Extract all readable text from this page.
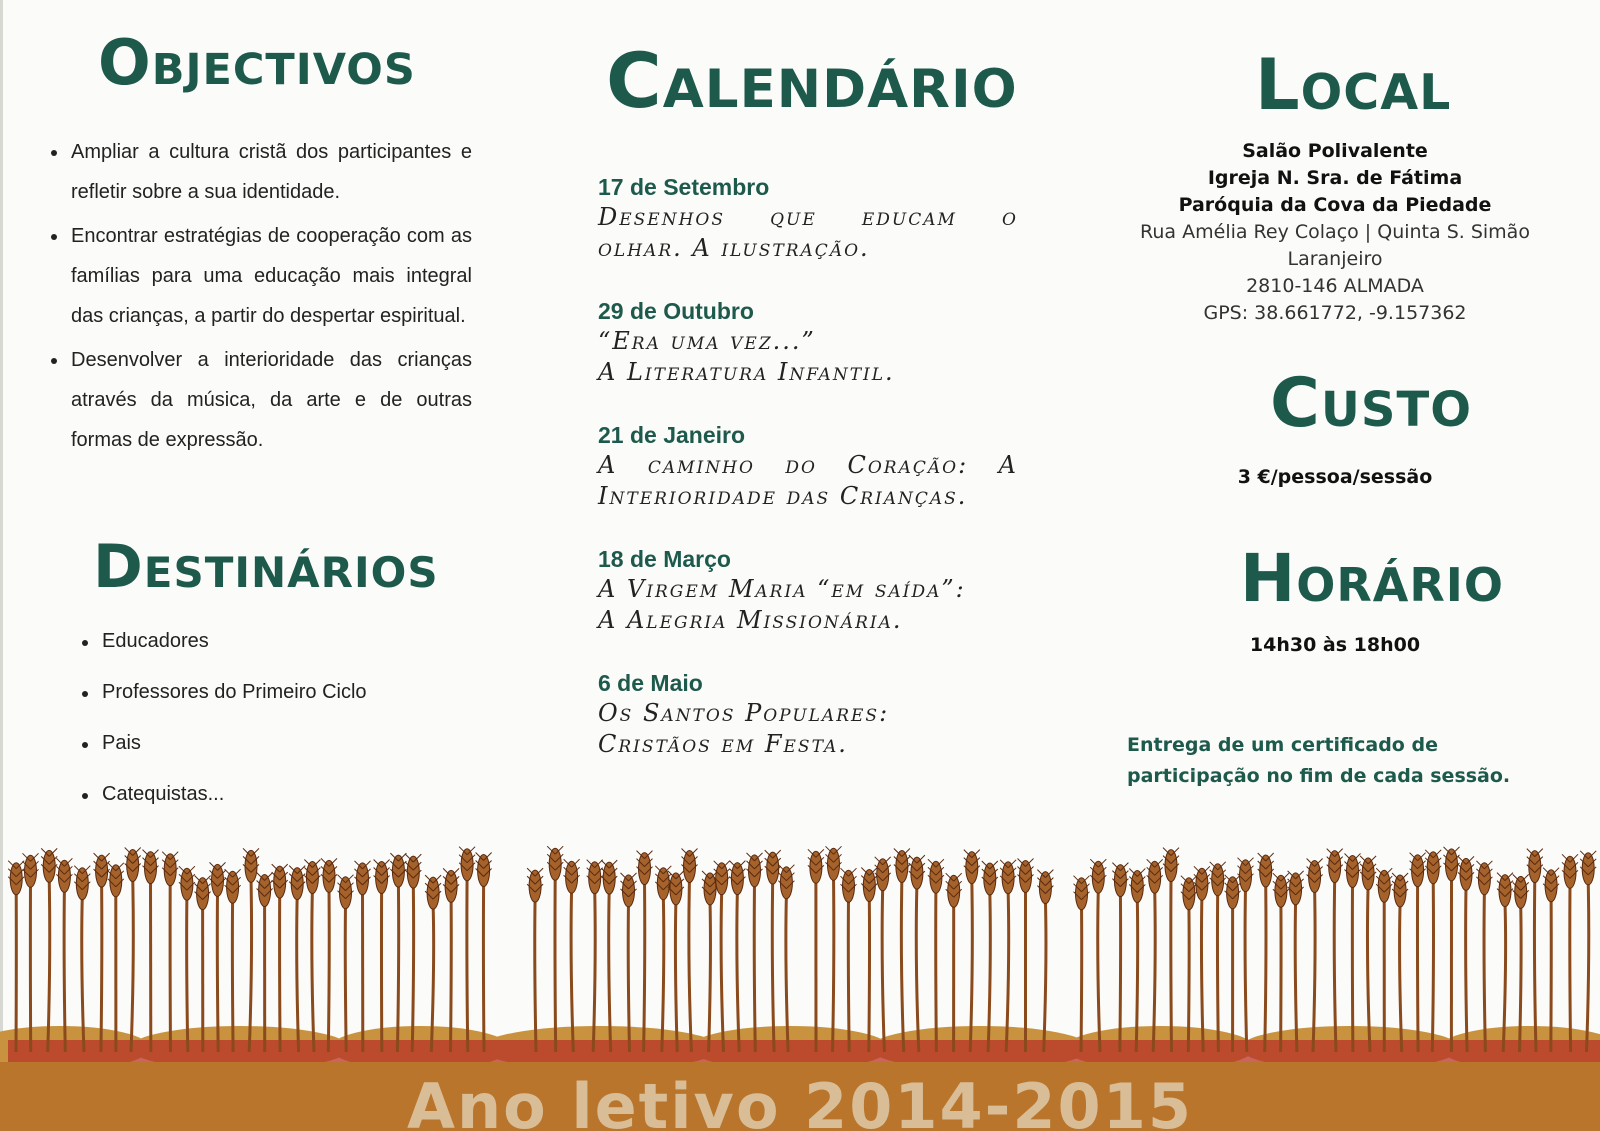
Objectivos
Ampliar a cultura cristã dos participantes e refletir sobre a sua identidade.
Encontrar estratégias de cooperação com as famílias para uma educação mais integral das crianças, a partir do despertar espiritual.
Desenvolver a interioridade das crianças através da música, da arte e de outras formas de expressão.
Destinários
Educadores
Professores do Primeiro Ciclo
Pais
Catequistas...
Calendário
17 de Setembro
Desenhos que educam o
olhar. A ilustração.
29 de Outubro
“Era uma vez...”
A Literatura Infantil.
21 de Janeiro
A caminho do Coração: A
Interioridade das Crianças.
18 de Março
A Virgem Maria “em saída”:
A Alegria Missionária.
6 de Maio
Os Santos Populares:
Cristãos em Festa.
Local
Salão Polivalente
Igreja N. Sra. de Fátima
Paróquia da Cova da Piedade
Rua Amélia Rey Colaço | Quinta S. Simão
Laranjeiro
2810-146 ALMADA
GPS: 38.661772, -9.157362
Custo
3 €/pessoa/sessão
Horário
14h30 às 18h00
Entrega de um certificado de participação no fim de cada sessão.
Ano letivo 2014-2015
